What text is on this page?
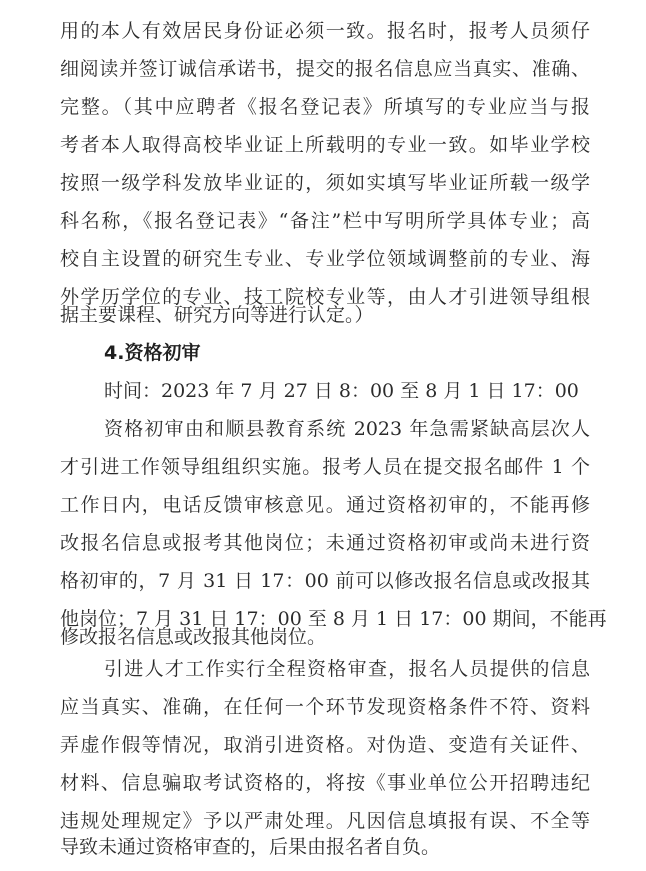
用的本人有效居民身份证必须一致。报名时，报考人员须仔
细阅读并签订诚信承诺书，提交的报名信息应当真实、准确、
完整。（其中应聘者《报名登记表》所填写的专业应当与报
考者本人取得高校毕业证上所载明的专业一致。如毕业学校
按照一级学科发放毕业证的，须如实填写毕业证所载一级学
科名称，《报名登记表》“备注”栏中写明所学具体专业；高
校自主设置的研究生专业、专业学位领域调整前的专业、海
外学历学位的专业、技工院校专业等，由人才引进领导组根
据主要课程、研究方向等进行认定。）
4.资格初审
时间：2023 年 7 月 27 日 8：00 至 8 月 1 日 17：00
资格初审由和顺县教育系统 2023 年急需紧缺高层次人
才引进工作领导组组织实施。报考人员在提交报名邮件 1 个
工作日内，电话反馈审核意见。通过资格初审的，不能再修
改报名信息或报考其他岗位；未通过资格初审或尚未进行资
格初审的，7 月 31 日 17：00 前可以修改报名信息或改报其
他岗位；7 月 31 日 17：00 至 8 月 1 日 17：00 期间，不能再
修改报名信息或改报其他岗位。
引进人才工作实行全程资格审查，报名人员提供的信息
应当真实、准确，在任何一个环节发现资格条件不符、资料
弄虚作假等情况，取消引进资格。对伪造、变造有关证件、
材料、信息骗取考试资格的，将按《事业单位公开招聘违纪
违规处理规定》予以严肃处理。凡因信息填报有误、不全等
导致未通过资格审查的，后果由报名者自负。
